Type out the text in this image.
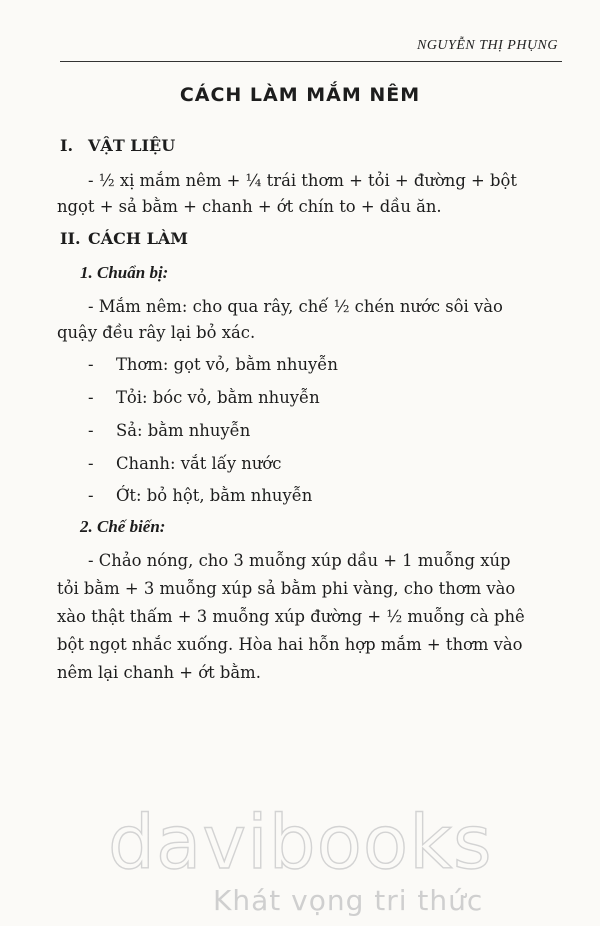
NGUYỄN THỊ PHỤNG
CÁCH LÀM MẮM NÊM
I. VẬT LIỆU
- ½ xị mắm nêm + ¼ trái thơm + tỏi + đường + bột
ngọt + sả bằm + chanh + ớt chín to + dầu ăn.
II. CÁCH LÀM
1. Chuẩn bị:
- Mắm nêm: cho qua rây, chế ½ chén nước sôi vào
quậy đều rây lại bỏ xác.
- Thơm: gọt vỏ, bằm nhuyễn
- Tỏi: bóc vỏ, bằm nhuyễn
- Sả: bằm nhuyễn
- Chanh: vắt lấy nước
- Ớt: bỏ hột, bằm nhuyễn
2. Chế biến:
- Chảo nóng, cho 3 muỗng xúp dầu + 1 muỗng xúp
tỏi bằm + 3 muỗng xúp sả bằm phi vàng, cho thơm vào
xào thật thấm + 3 muỗng xúp đường + ½ muỗng cà phê
bột ngọt nhắc xuống. Hòa hai hỗn hợp mắm + thơm vào
nêm lại chanh + ớt bằm.
davibooks
Khát vọng tri thức
